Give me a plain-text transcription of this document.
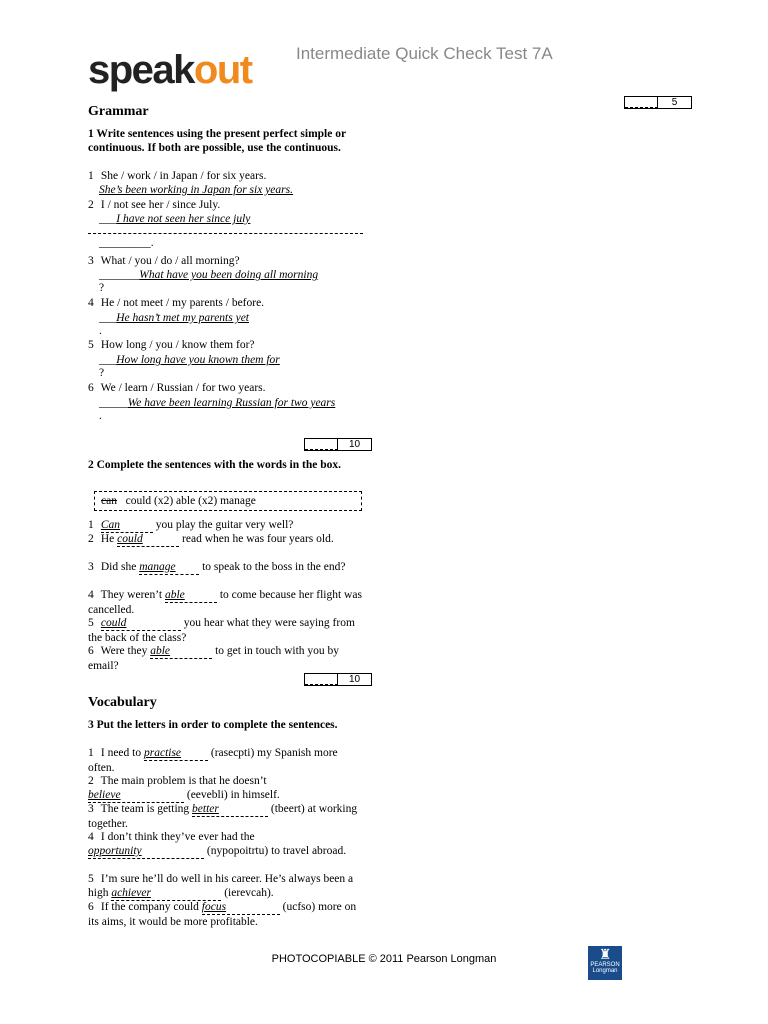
speakout	Intermediate Quick Check Test 7A
Grammar
5
1 Write sentences using the present perfect simple or continuous. If both are possible, use the continuous.
1 She / work / in Japan / for six years.
She’s been working in Japan for six years.
2 I / not see her / since July.
___I have not seen her since july
_________.
3 What / you / do / all morning?
_______What have you been doing all morning
?
4 He / not meet / my parents / before.
___He hasn’t met my parents yet
.
5 How long / you / know them for?
___How long have you known them for
?
6 We / learn / Russian / for two years.
_____We have been learning Russian for two years
.
10
2 Complete the sentences with the words in the box.
can could (x2) able (x2) manage
1 Can	you play the guitar very well?
2 He could	read when he was four years old.
3 Did she manage to speak to the boss in the end?
4 They weren’t able	to come because her flight was cancelled.
5 could	you hear what they were saying from the back of the class?
6 Were they able	to get in touch with you by email?
10
Vocabulary
3 Put the letters in order to complete the sentences.
1 I need to practise	(rasecpti) my Spanish more often.
2 The main problem is that he doesn’t believe	(eevebli) in himself.
3 The team is getting better	(tbeert) at working together.
4 I don’t think they’ve ever had the opportunity	(nypopoitrtu) to travel abroad.
5 I’m sure he’ll do well in his career. He’s always been a high achiever	(ierevcah).
6 If the company could focus	(ucfso) more on its aims, it would be more profitable.
PHOTOCOPIABLE © 2011 Pearson Longman	♜
PEARSON
Longman
